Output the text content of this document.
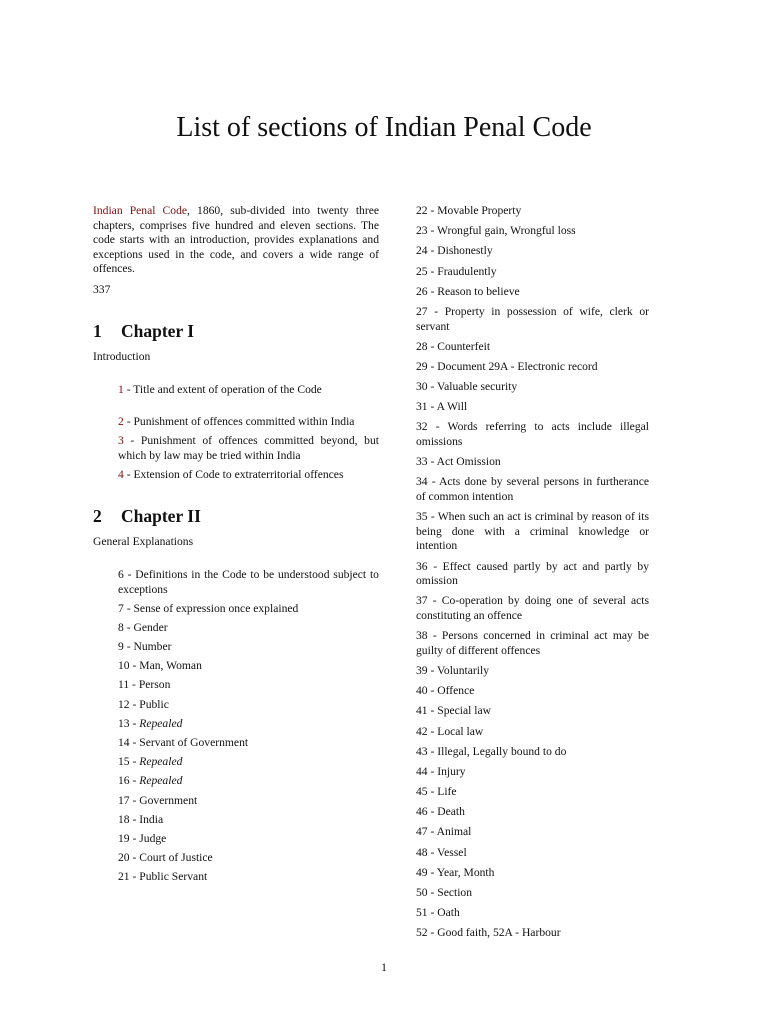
List of sections of Indian Penal Code

Indian Penal Code, 1860, sub-divided into twenty three chapters, comprises five hundred and eleven sections. The code starts with an introduction, provides explanations and exceptions used in the code, and covers a wide range of offences.

337

1 Chapter I

Introduction

1 - Title and extent of operation of the Code

2 - Punishment of offences committed within India

3 - Punishment of offences committed beyond, but which by law may be tried within India

4 - Extension of Code to extraterritorial offences

2 Chapter II

General Explanations

6 - Definitions in the Code to be understood subject to exceptions

7 - Sense of expression once explained

8 - Gender

9 - Number

10 - Man, Woman

11 - Person

12 - Public

13 - Repealed

14 - Servant of Government

15 - Repealed

16 - Repealed

17 - Government

18 - India

19 - Judge

20 - Court of Justice

21 - Public Servant

22 - Movable Property

23 - Wrongful gain, Wrongful loss

24 - Dishonestly

25 - Fraudulently

26 - Reason to believe

27 - Property in possession of wife, clerk or servant

28 - Counterfeit

29 - Document 29A - Electronic record

30 - Valuable security

31 - A Will

32 - Words referring to acts include illegal omissions

33 - Act Omission

34 - Acts done by several persons in furtherance of common intention

35 - When such an act is criminal by reason of its being done with a criminal knowledge or intention

36 - Effect caused partly by act and partly by omission

37 - Co-operation by doing one of several acts constituting an offence

38 - Persons concerned in criminal act may be guilty of different offences

39 - Voluntarily

40 - Offence

41 - Special law

42 - Local law

43 - Illegal, Legally bound to do

44 - Injury

45 - Life

46 - Death

47 - Animal

48 - Vessel

49 - Year, Month

50 - Section

51 - Oath

52 - Good faith, 52A - Harbour

1
